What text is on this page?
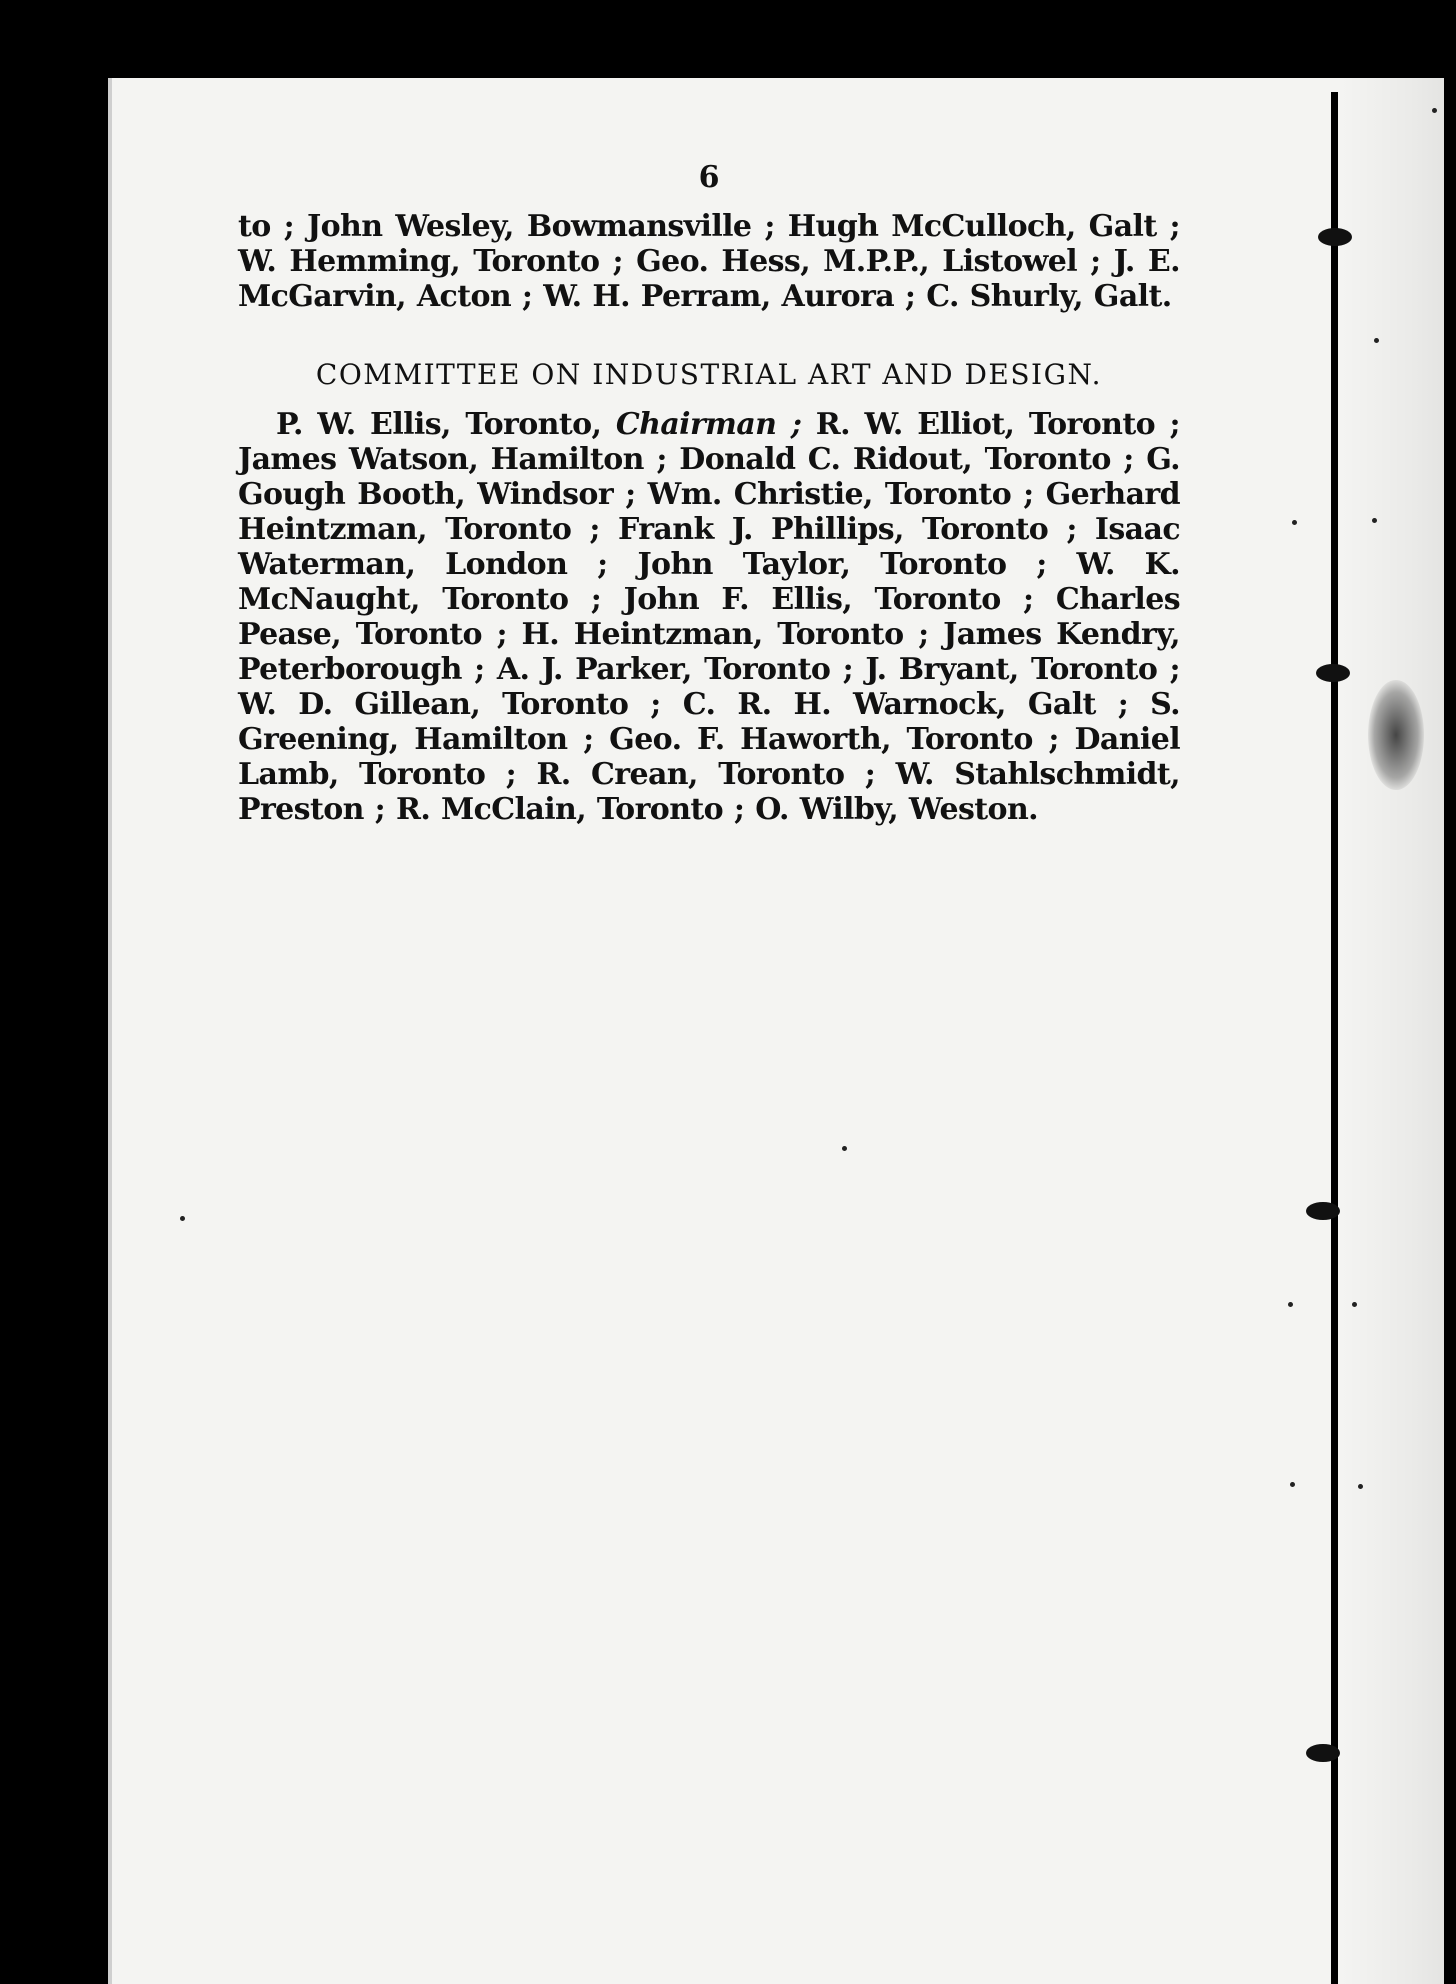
6

to ; John Wesley, Bowmansville ; Hugh McCulloch, Galt ; W. Hemming, Toronto ; Geo. Hess, M.P.P., Listowel ; J. E. McGarvin, Acton ; W. H. Perram, Aurora ; C. Shurly, Galt.

COMMITTEE ON INDUSTRIAL ART AND DESIGN.

P. W. Ellis, Toronto, Chairman ; R. W. Elliot, Toronto ; James Watson, Hamilton ; Donald C. Ridout, Toronto ; G. Gough Booth, Windsor ; Wm. Christie, Toronto ; Gerhard Heintzman, Toronto ; Frank J. Phillips, Toronto ; Isaac Waterman, London ; John Taylor, Toronto ; W. K. McNaught, Toronto ; John F. Ellis, Toronto ; Charles Pease, Toronto ; H. Heintzman, Toronto ; James Kendry, Peterborough ; A. J. Parker, Toronto ; J. Bryant, Toronto ; W. D. Gillean, Toronto ; C. R. H. Warnock, Galt ; S. Greening, Hamilton ; Geo. F. Haworth, Toronto ; Daniel Lamb, Toronto ; R. Crean, Toronto ; W. Stahlschmidt, Preston ; R. McClain, Toronto ; O. Wilby, Weston.
